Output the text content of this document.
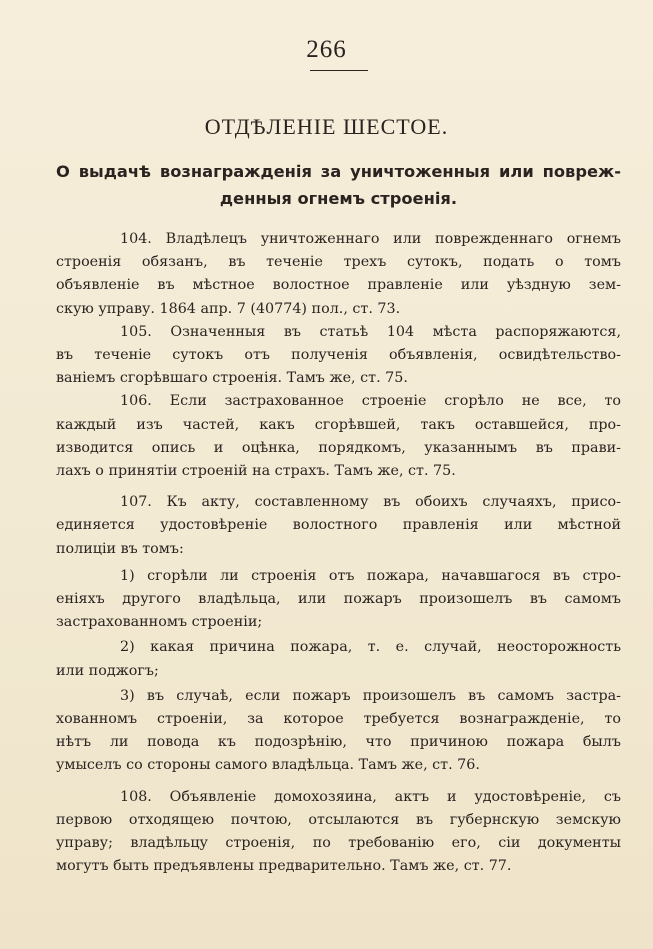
266
ОТДѢЛЕНІЕ ШЕСТОЕ.
О выдачѣ вознагражденія за уничтоженныя или повреж-
денныя огнемъ строенія.
104. Владѣлецъ уничтоженнаго или поврежденнаго огнемъ
строенія обязанъ, въ теченіе трехъ сутокъ, подать о томъ
объявленіе въ мѣстное волостное правленіе или уѣздную зем-
скую управу. 1864 апр. 7 (40774) пол., ст. 73.
105. Означенныя въ статьѣ 104 мѣста распоряжаются,
въ теченіе сутокъ отъ полученія объявленія, освидѣтельство-
ваніемъ сгорѣвшаго строенія. Тамъ же, ст. 75.
106. Если застрахованное строеніе сгорѣло не все, то
каждый изъ частей, какъ сгорѣвшей, такъ оставшейся, про-
изводится опись и оцѣнка, порядкомъ, указаннымъ въ прави-
лахъ о принятіи строеній на страхъ. Тамъ же, ст. 75.
107. Къ акту, составленному въ обоихъ случаяхъ, присо-
единяется удостовѣреніе волостного правленія или мѣстной
полиціи въ томъ:
1) сгорѣли ли строенія отъ пожара, начавшагося въ стро-
еніяхъ другого владѣльца, или пожаръ произошелъ въ самомъ
застрахованномъ строеніи;
2) какая причина пожара, т. е. случай, неосторожность
или поджогъ;
3) въ случаѣ, если пожаръ произошелъ въ самомъ застра-
хованномъ строеніи, за которое требуется вознагражденіе, то
нѣтъ ли повода къ подозрѣнію, что причиною пожара былъ
умыселъ со стороны самого владѣльца. Тамъ же, ст. 76.
108. Объявленіе домохозяина, актъ и удостовѣреніе, съ
первою отходящею почтою, отсылаются въ губернскую земскую
управу; владѣльцу строенія, по требованію его, сіи документы
могутъ быть предъявлены предварительно. Тамъ же, ст. 77.
